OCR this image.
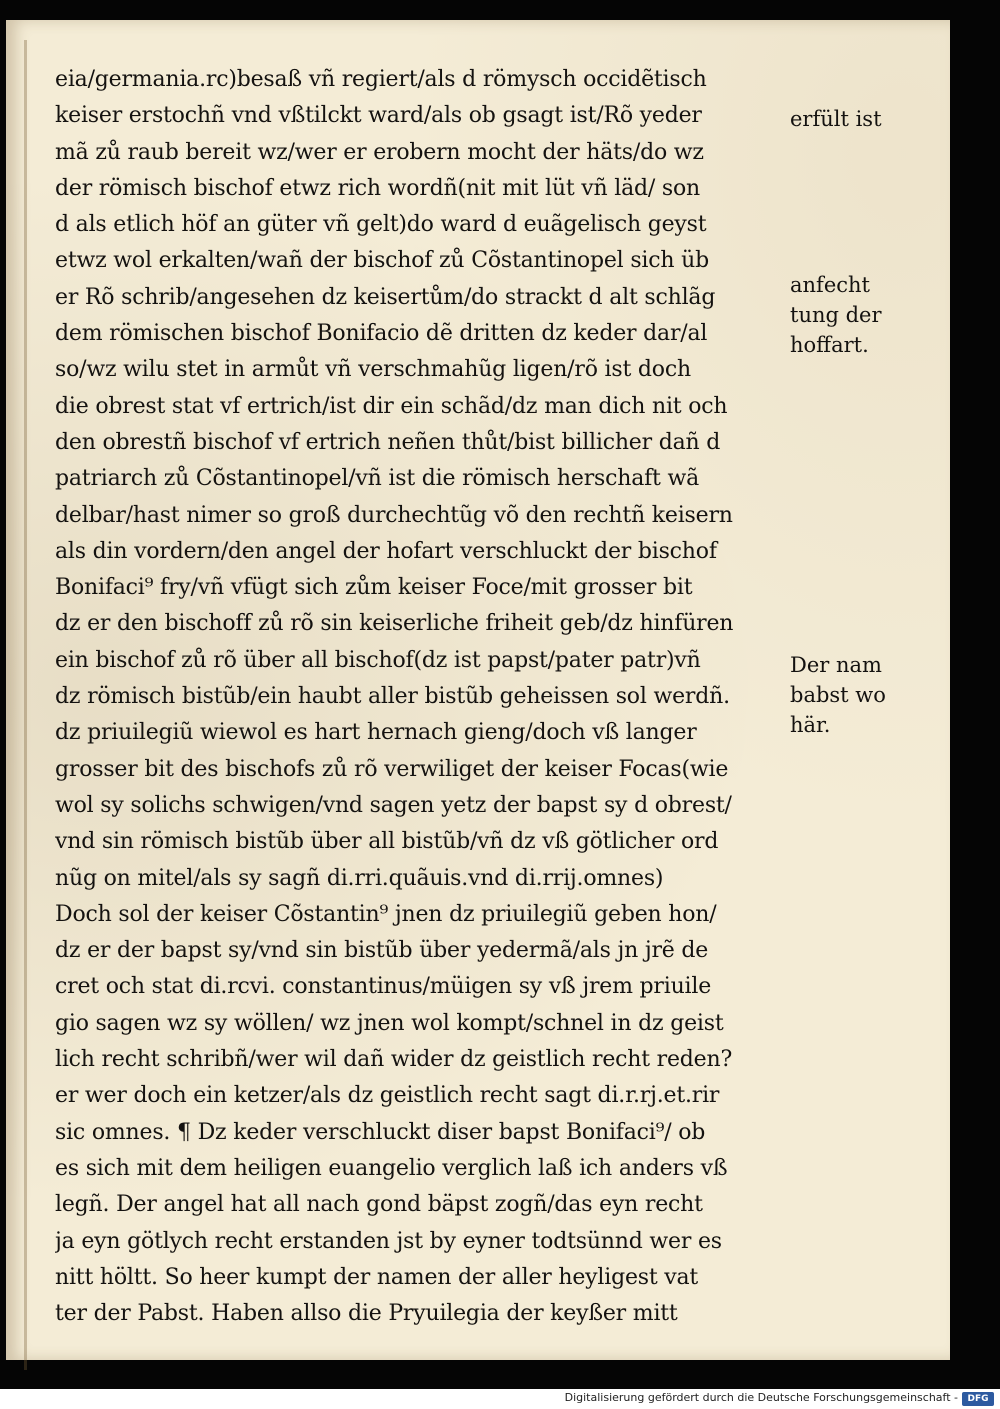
eia/germania.rc)besaß vñ regiert/als d römysch occidẽtisch
keiser erstochñ vnd vßtilckt ward/als ob gsagt ist/Rõ yeder
mã zů raub bereit wz/wer er erobern mocht der häts/do wz
der römisch bischof etwz rich wordñ(nit mit lüt vñ läd/ son
d als etlich höf an güter vñ gelt)do ward d euãgelisch geyst
etwz wol erkalten/wañ der bischof zů Cõstantinopel sich üb
er Rõ schrib/angesehen dz keisertům/do strackt d alt schlãg
dem römischen bischof Bonifacio dẽ dritten dz keder dar/al
so/wz wilu stet in armůt vñ verschmahũg ligen/rõ ist doch
die obrest stat vf ertrich/ist dir ein schãd/dz man dich nit och
den obrestñ bischof vf ertrich neñen thůt/bist billicher dañ d
patriarch zů Cõstantinopel/vñ ist die römisch herschaft wã
delbar/hast nimer so groß durchechtũg võ den rechtñ keisern
als din vordern/den angel der hofart verschluckt der bischof
Bonifaci⁹ fry/vñ vfügt sich zům keiser Foce/mit grosser bit
dz er den bischoff zů rõ sin keiserliche friheit geb/dz hinfüren
ein bischof zů rõ über all bischof(dz ist papst/pater patr)vñ
dz römisch bistũb/ein haubt aller bistũb geheissen sol werdñ.
dz priuilegiũ wiewol es hart hernach gieng/doch vß langer
grosser bit des bischofs zů rõ verwiliget der keiser Focas(wie
wol sy solichs schwigen/vnd sagen yetz der bapst sy d obrest/
vnd sin römisch bistũb über all bistũb/vñ dz vß götlicher ord
nũg on mitel/als sy sagñ di.rri.quãuis.vnd di.rrij.omnes)
Doch sol der keiser Cõstantin⁹ jnen dz priuilegiũ geben hon/
dz er der bapst sy/vnd sin bistũb über yedermã/als jn jrẽ de
cret och stat di.rcvi. constantinus/müigen sy vß jrem priuile
gio sagen wz sy wöllen/ wz jnen wol kompt/schnel in dz geist
lich recht schribñ/wer wil dañ wider dz geistlich recht reden?
er wer doch ein ketzer/als dz geistlich recht sagt di.r.rj.et.rir
sic omnes. ¶ Dz keder verschluckt diser bapst Bonifaci⁹/ ob
es sich mit dem heiligen euangelio verglich laß ich anders vß
legñ. Der angel hat all nach gond bäpst zogñ/das eyn recht
ja eyn götlych recht erstanden jst by eyner todtsünnd wer es
nitt höltt. So heer kumpt der namen der aller heyligest vat
ter der Pabst. Haben allso die Pryuilegia der keyßer mitt
erfült ist
anfecht
tung der
hoffart.
Der nam
babst wo
här.
Digitalisierung gefördert durch die Deutsche Forschungsgemeinschaft -	DFG
